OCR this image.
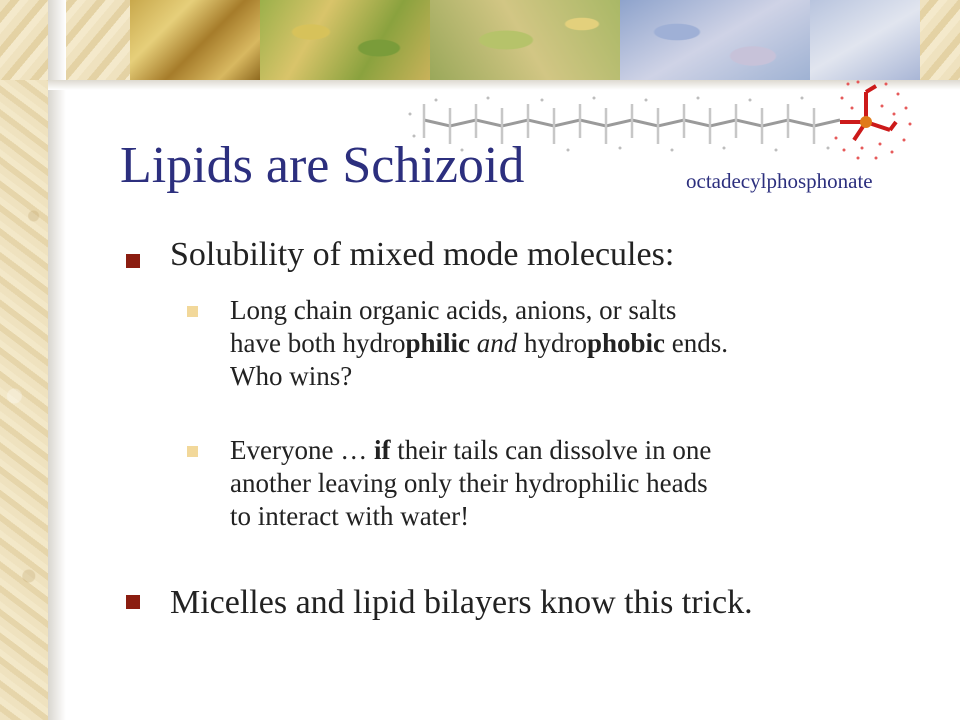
Lipids are Schizoid	octadecylphosphonate
Solubility of mixed mode molecules:
Long chain organic acids, anions, or salts
have both hydrophilic and hydrophobic ends.
Who wins?
Everyone … if their tails can dissolve in one
another leaving only their hydrophilic heads
to interact with water!
Micelles and lipid bilayers know this trick.
